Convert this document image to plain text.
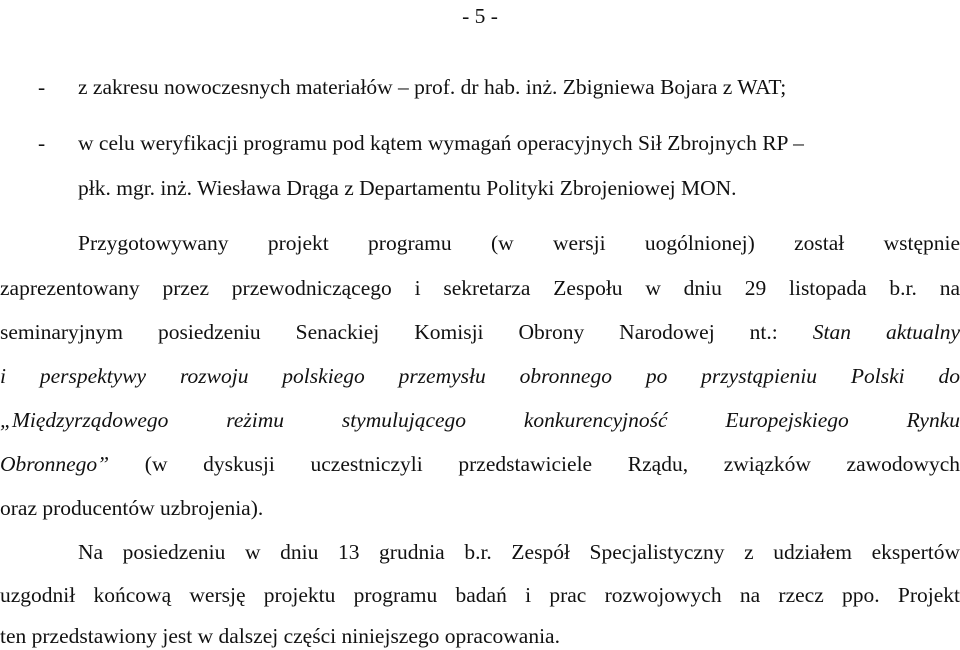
- 5 -
- z zakresu nowoczesnych materiałów – prof. dr hab. inż. Zbigniewa Bojara z WAT;
- w celu weryfikacji programu pod kątem wymagań operacyjnych Sił Zbrojnych RP –
płk. mgr. inż. Wiesława Drąga z Departamentu Polityki Zbrojeniowej MON.
Przygotowywany projekt programu (w wersji uogólnionej) został wstępnie
zaprezentowany przez przewodniczącego i sekretarza Zespołu w dniu 29 listopada b.r. na
seminaryjnym posiedzeniu Senackiej Komisji Obrony Narodowej nt.: Stan aktualny
i perspektywy rozwoju polskiego przemysłu obronnego po przystąpieniu Polski do
„Międzyrządowego reżimu stymulującego konkurencyjność Europejskiego Rynku
Obronnego” (w dyskusji uczestniczyli przedstawiciele Rządu, związków zawodowych
oraz producentów uzbrojenia).
Na posiedzeniu w dniu 13 grudnia b.r. Zespół Specjalistyczny z udziałem ekspertów
uzgodnił końcową wersję projektu programu badań i prac rozwojowych na rzecz ppo. Projekt
ten przedstawiony jest w dalszej części niniejszego opracowania.
